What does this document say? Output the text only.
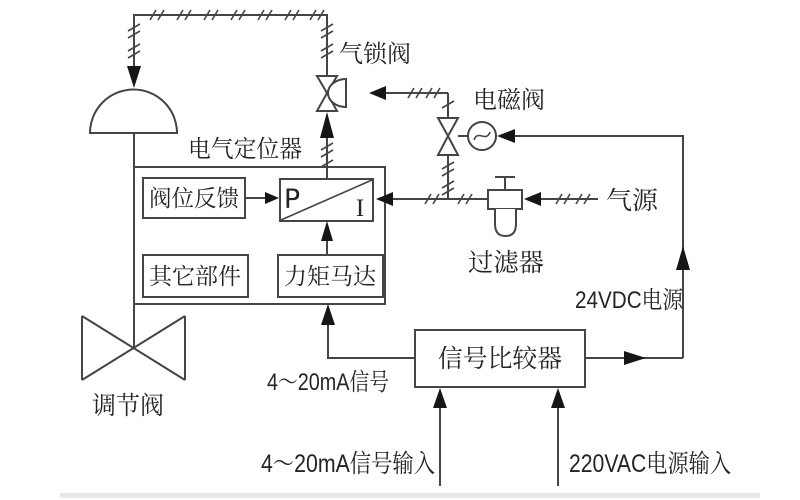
调节阀
电气定位器
阀位反馈 P I
其它部件 力矩马达
气锁阀
电磁阀
气源
过滤器
24VDC电源
信号比较器
4～20mA信号
4～20mA信号输入	220VAC电源输入
